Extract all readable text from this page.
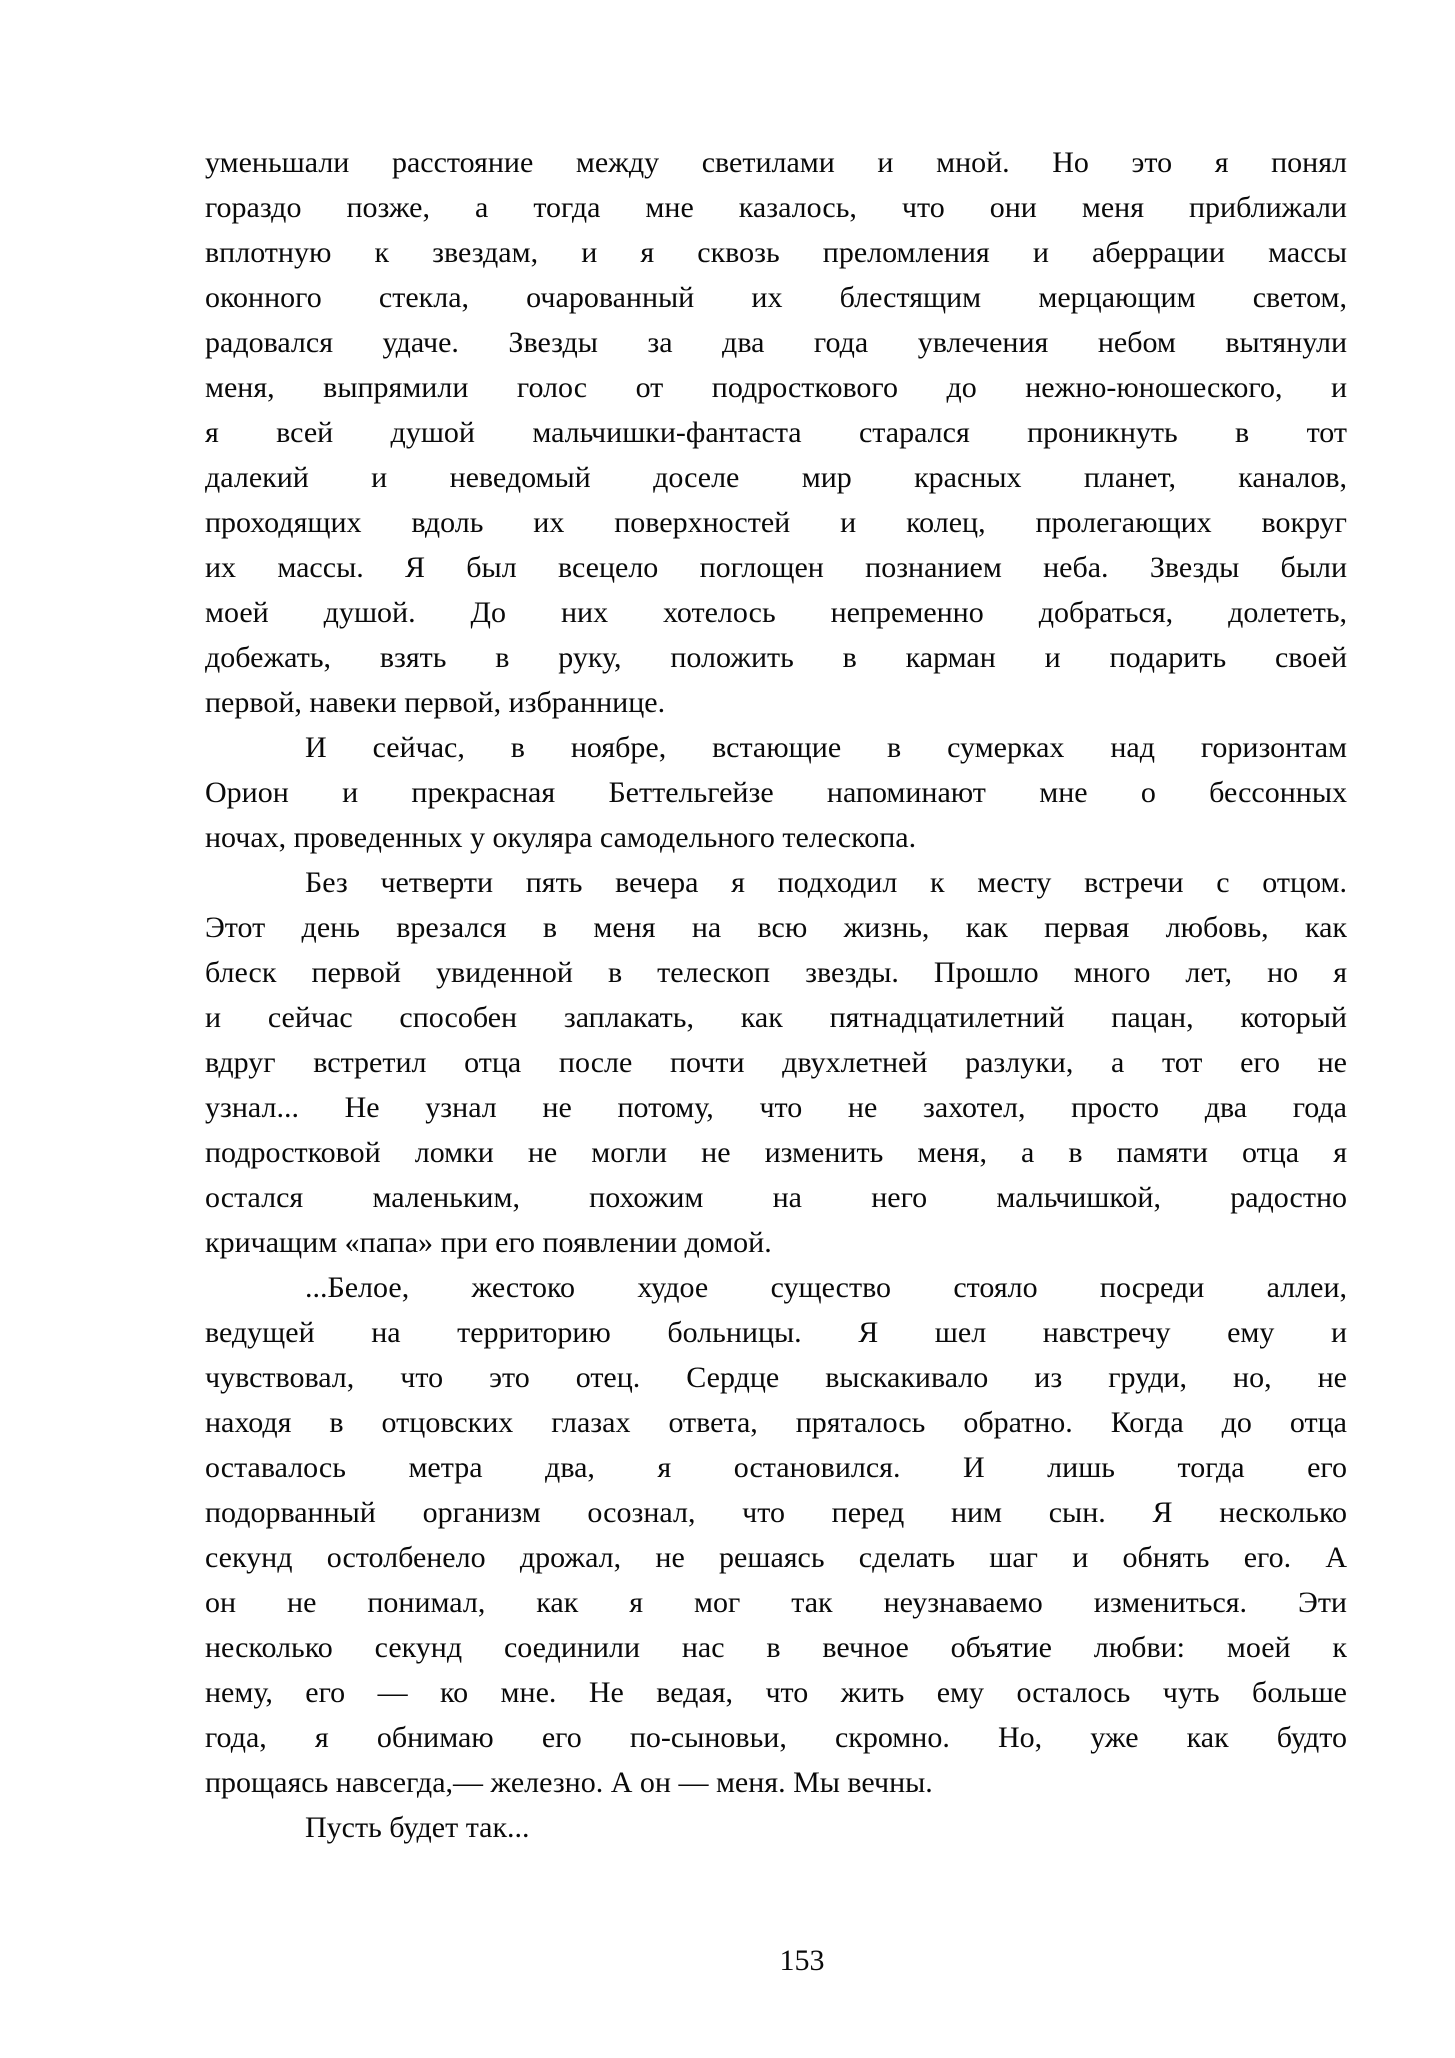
уменьшали расстояние между светилами и мной. Но это я понял
гораздо позже, а тогда мне казалось, что они меня приближали
вплотную к звездам, и я сквозь преломления и аберрации массы
оконного стекла, очарованный их блестящим мерцающим светом,
радовался удаче. Звезды за два года увлечения небом вытянули
меня, выпрямили голос от подросткового до нежно-юношеского, и
я всей душой мальчишки-фантаста старался проникнуть в тот
далекий и неведомый доселе мир красных планет, каналов,
проходящих вдоль их поверхностей и колец, пролегающих вокруг
их массы. Я был всецело поглощен познанием неба. Звезды были
моей душой. До них хотелось непременно добраться, долететь,
добежать, взять в руку, положить в карман и подарить своей
первой, навеки первой, избраннице.
И сейчас, в ноябре, встающие в сумерках над горизонтам
Орион и прекрасная Беттельгейзе напоминают мне о бессонных
ночах, проведенных у окуляра самодельного телескопа.
Без четверти пять вечера я подходил к месту встречи с отцом.
Этот день врезался в меня на всю жизнь, как первая любовь, как
блеск первой увиденной в телескоп звезды. Прошло много лет, но я
и сейчас способен заплакать, как пятнадцатилетний пацан, который
вдруг встретил отца после почти двухлетней разлуки, а тот его не
узнал... Не узнал не потому, что не захотел, просто два года
подростковой ломки не могли не изменить меня, а в памяти отца я
остался маленьким, похожим на него мальчишкой, радостно
кричащим «папа» при его появлении домой.
...Белое, жестоко худое существо стояло посреди аллеи,
ведущей на территорию больницы. Я шел навстречу ему и
чувствовал, что это отец. Сердце выскакивало из груди, но, не
находя в отцовских глазах ответа, пряталось обратно. Когда до отца
оставалось метра два, я остановился. И лишь тогда его
подорванный организм осознал, что перед ним сын. Я несколько
секунд остолбенело дрожал, не решаясь сделать шаг и обнять его. А
он не понимал, как я мог так неузнаваемо измениться. Эти
несколько секунд соединили нас в вечное объятие любви: моей к
нему, его — ко мне. Не ведая, что жить ему осталось чуть больше
года, я обнимаю его по-сыновьи, скромно. Но, уже как будто
прощаясь навсегда,— железно. А он — меня. Мы вечны.
Пусть будет так...
153
